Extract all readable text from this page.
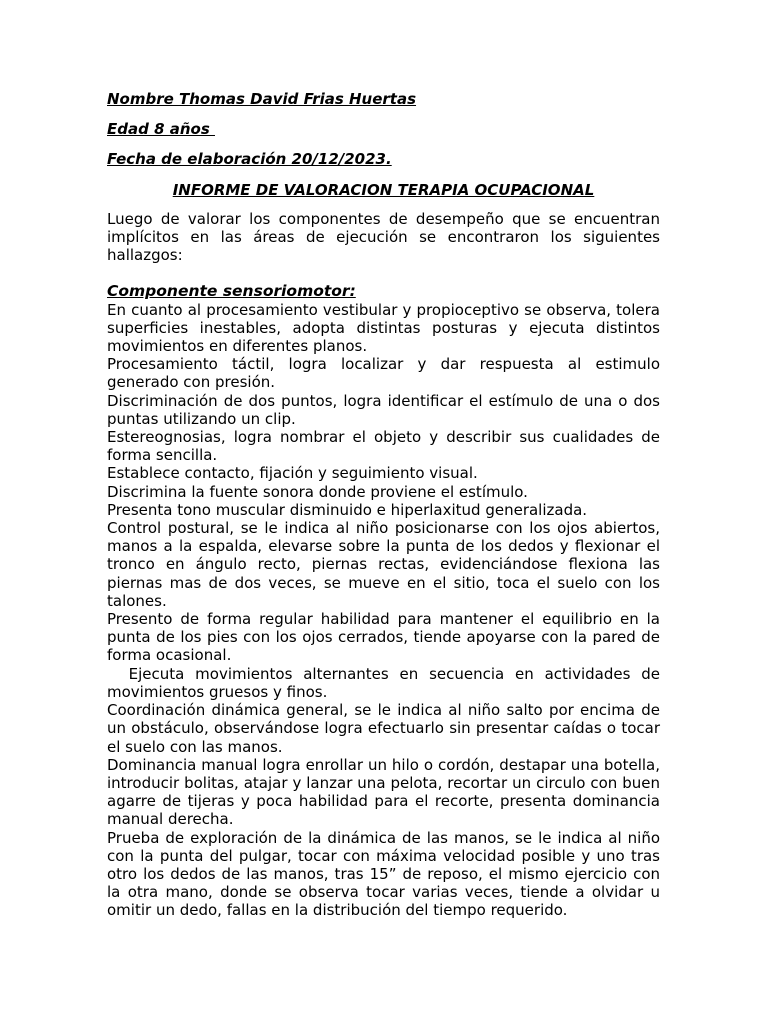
Nombre Thomas David Frias Huertas

Edad 8 años

Fecha de elaboración 20/12/2023.

INFORME DE VALORACION TERAPIA OCUPACIONAL

Luego de valorar los componentes de desempeño que se encuentran implícitos en las áreas de ejecución se encontraron los siguientes hallazgos:

Componente sensoriomotor:

En cuanto al procesamiento vestibular y propioceptivo se observa, tolera superficies inestables, adopta distintas posturas y ejecuta distintos movimientos en diferentes planos.

Procesamiento táctil, logra localizar y dar respuesta al estimulo generado con presión.

Discriminación de dos puntos, logra identificar el estímulo de una o dos puntas utilizando un clip.

Estereognosias, logra nombrar el objeto y describir sus cualidades de forma sencilla.

Establece contacto, fijación y seguimiento visual.

Discrimina la fuente sonora donde proviene el estímulo.

Presenta tono muscular disminuido e hiperlaxitud generalizada.

Control postural, se le indica al niño posicionarse con los ojos abiertos, manos a la espalda, elevarse sobre la punta de los dedos y flexionar el tronco en ángulo recto, piernas rectas, evidenciándose flexiona las piernas mas de dos veces, se mueve en el sitio, toca el suelo con los talones.

Presento de forma regular habilidad para mantener el equilibrio en la punta de los pies con los ojos cerrados, tiende apoyarse con la pared de forma ocasional.

Ejecuta movimientos alternantes en secuencia en actividades de movimientos gruesos y finos.

Coordinación dinámica general, se le indica al niño salto por encima de un obstáculo, observándose logra efectuarlo sin presentar caídas o tocar el suelo con las manos.

Dominancia manual logra enrollar un hilo o cordón, destapar una botella, introducir bolitas, atajar y lanzar una pelota, recortar un circulo con buen agarre de tijeras y poca habilidad para el recorte, presenta dominancia manual derecha.

Prueba de exploración de la dinámica de las manos, se le indica al niño con la punta del pulgar, tocar con máxima velocidad posible y uno tras otro los dedos de las manos, tras 15” de reposo, el mismo ejercicio con la otra mano, donde se observa tocar varias veces, tiende a olvidar u omitir un dedo, fallas en la distribución del tiempo requerido.
